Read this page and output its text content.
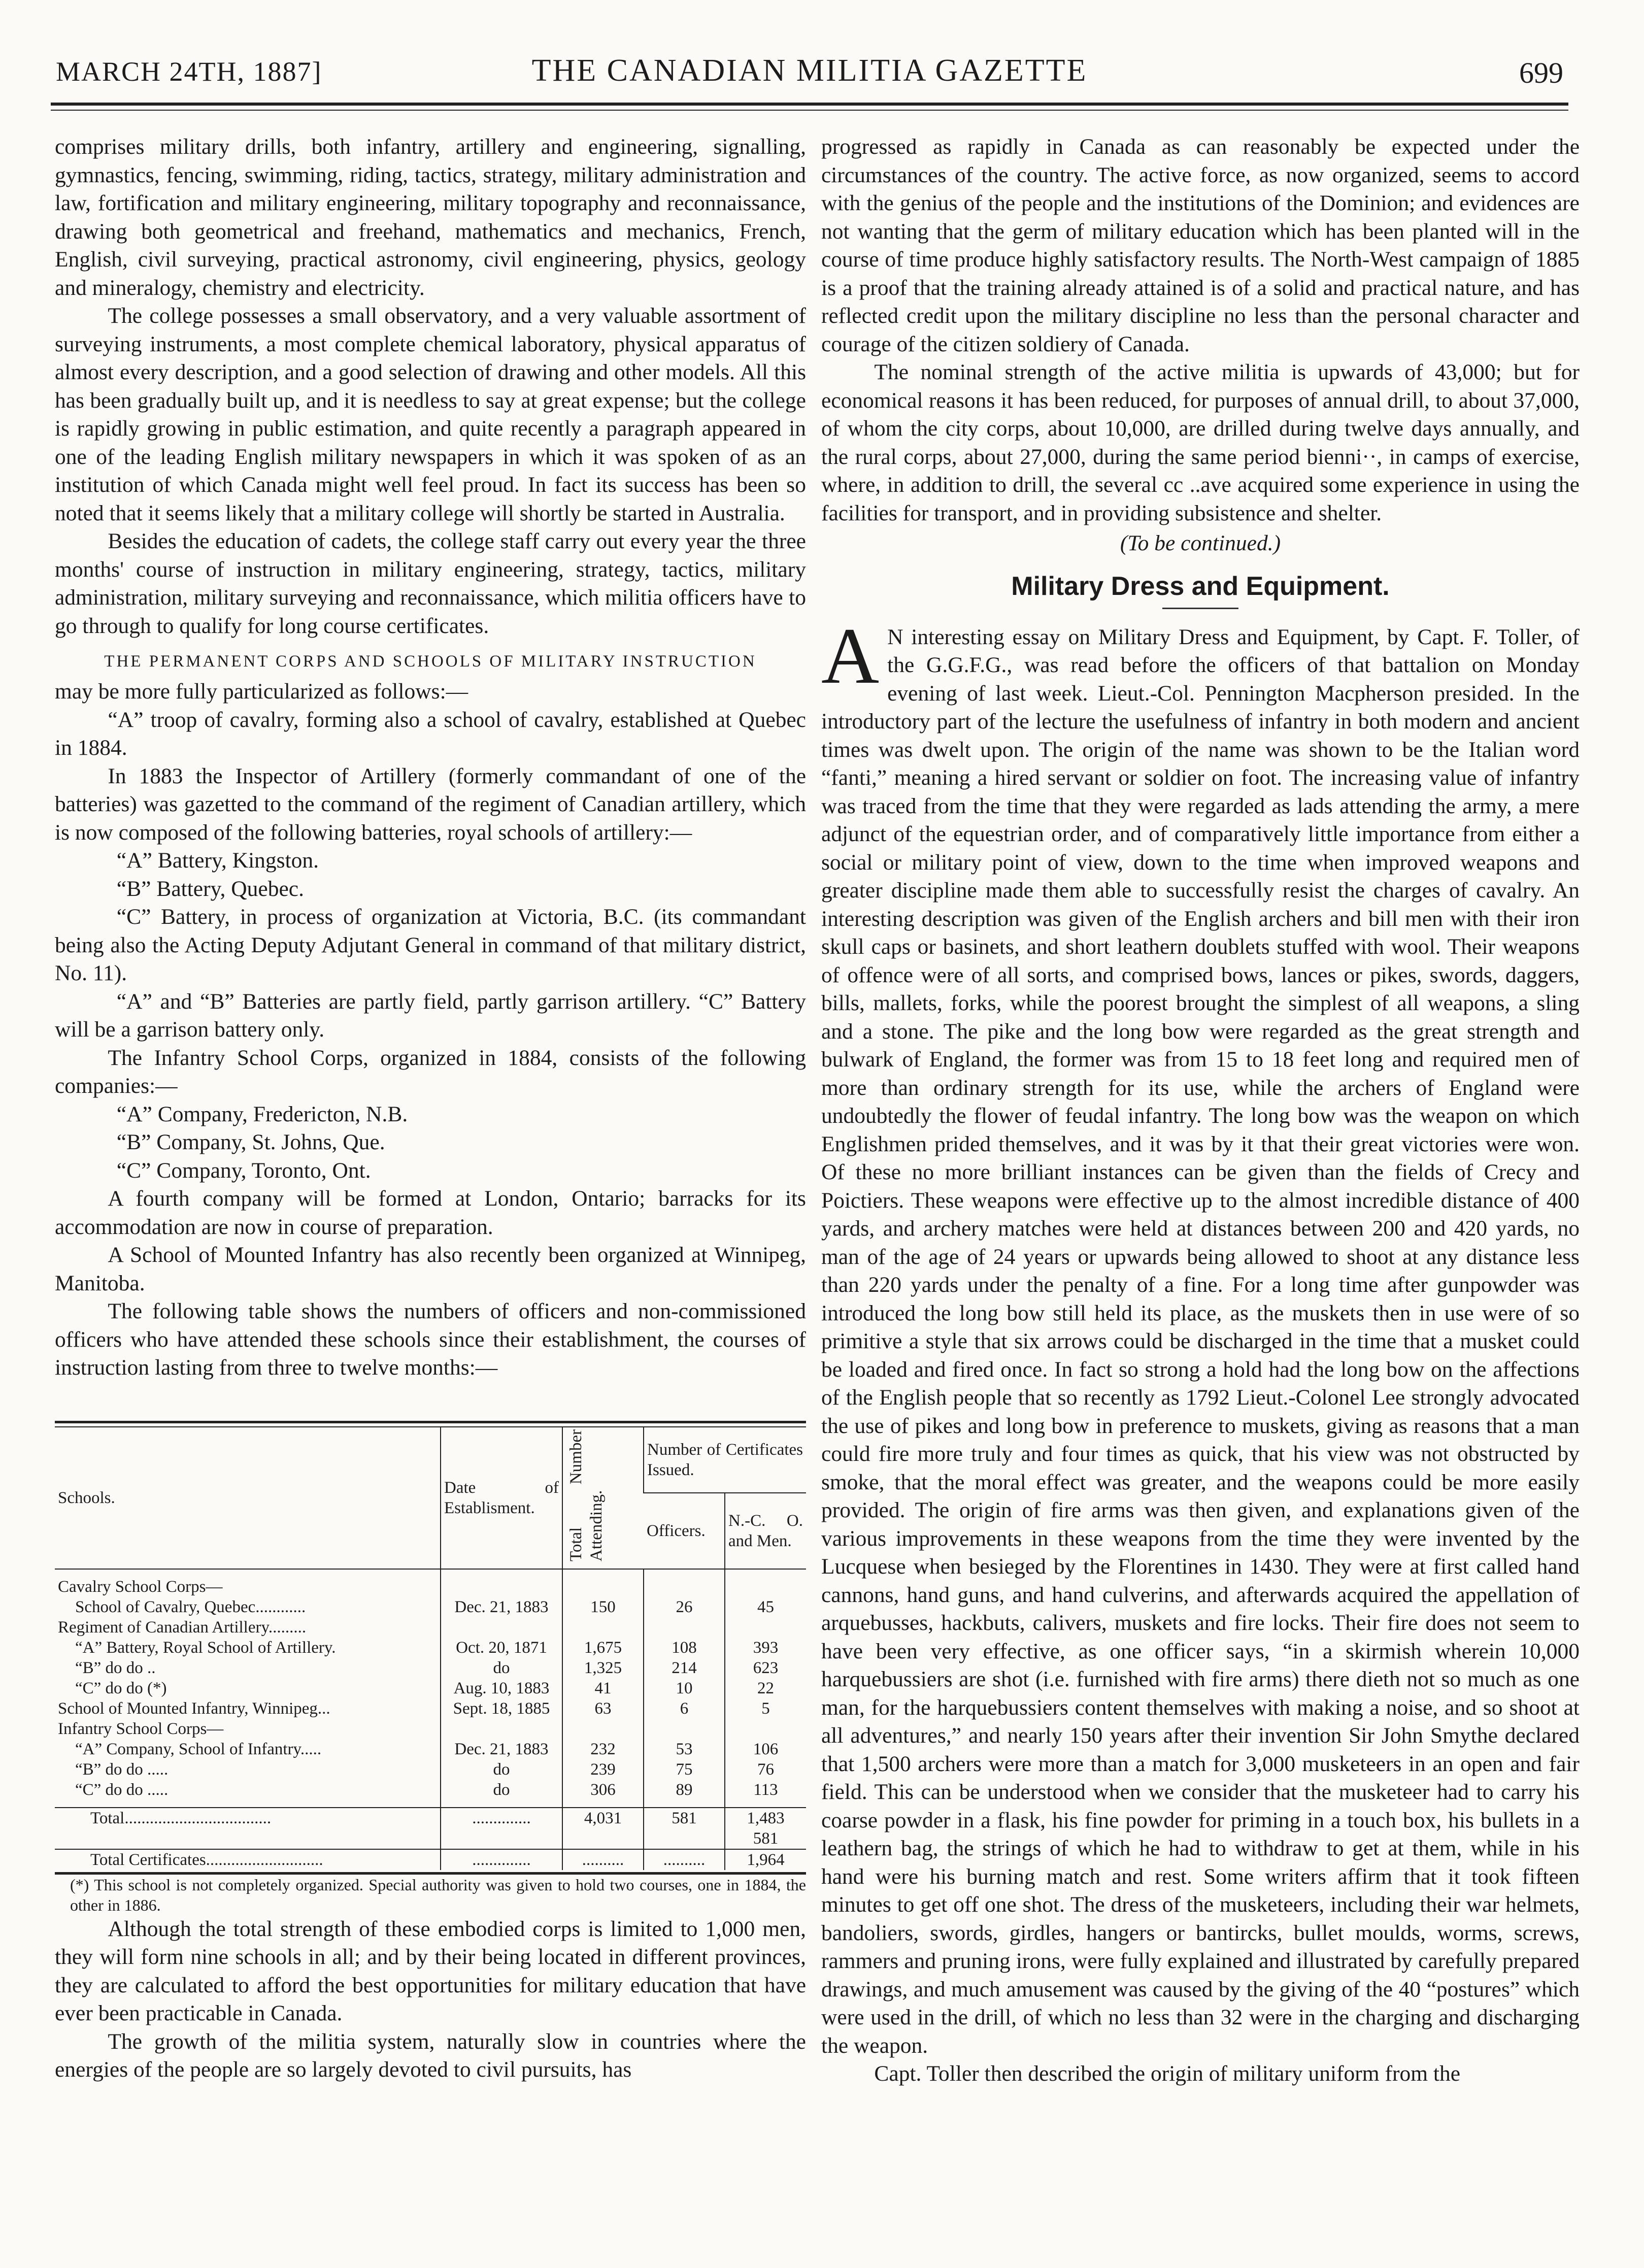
MARCH 24TH, 1887]	THE CANADIAN MILITIA GAZETTE	699

comprises military drills, both infantry, artillery and engineering, signalling, gymnastics, fencing, swimming, riding, tactics, strategy, military administration and law, fortification and military engineering, military topography and reconnaissance, drawing both geometrical and freehand, mathematics and mechanics, French, English, civil surveying, practical astronomy, civil engineering, physics, geology and mineralogy, chemistry and electricity.

The college possesses a small observatory, and a very valuable assortment of surveying instruments, a most complete chemical laboratory, physical apparatus of almost every description, and a good selection of drawing and other models. All this has been gradually built up, and it is needless to say at great expense; but the college is rapidly growing in public estimation, and quite recently a paragraph appeared in one of the leading English military newspapers in which it was spoken of as an institution of which Canada might well feel proud. In fact its success has been so noted that it seems likely that a military college will shortly be started in Australia.

Besides the education of cadets, the college staff carry out every year the three months' course of instruction in military engineering, strategy, tactics, military administration, military surveying and reconnaissance, which militia officers have to go through to qualify for long course certificates.

THE PERMANENT CORPS AND SCHOOLS OF MILITARY INSTRUCTION

may be more fully particularized as follows:—

“A” troop of cavalry, forming also a school of cavalry, established at Quebec in 1884.

In 1883 the Inspector of Artillery (formerly commandant of one of the batteries) was gazetted to the command of the regiment of Canadian artillery, which is now composed of the following batteries, royal schools of artillery:—

“A” Battery, Kingston.

“B” Battery, Quebec.

“C” Battery, in process of organization at Victoria, B.C. (its commandant being also the Acting Deputy Adjutant General in command of that military district, No. 11).

“A” and “B” Batteries are partly field, partly garrison artillery. “C” Battery will be a garrison battery only.

The Infantry School Corps, organized in 1884, consists of the following companies:—

“A” Company, Fredericton, N.B.

“B” Company, St. Johns, Que.

“C” Company, Toronto, Ont.

A fourth company will be formed at London, Ontario; barracks for its accommodation are now in course of preparation.

A School of Mounted Infantry has also recently been organized at Winnipeg, Manitoba.

The following table shows the numbers of officers and non-commissioned officers who have attended these schools since their establishment, the courses of instruction lasting from three to twelve months:—

Schools.	Date of Establisment.	Total Number Attending.	Number of Certificates Issued.	
			Officers.	N.-C. O. and Men.
Cavalry School Corps—				
School of Cavalry, Quebec............	Dec. 21, 1883	150	26	45
Regiment of Canadian Artillery.........				
“A” Battery, Royal School of Artillery.	Oct. 20, 1871	1,675	108	393
“B” do do ..	do	1,325	214	623
“C” do do (*)	Aug. 10, 1883	41	10	22
School of Mounted Infantry, Winnipeg...	Sept. 18, 1885	63	6	5
Infantry School Corps—				
“A” Company, School of Infantry.....	Dec. 21, 1883	232	53	106
“B” do do .....	do	239	75	76
“C” do do .....	do	306	89	113
Total...................................	..............	4,031	581	1,483
581

Total Certificates............................	..............	..........	..........	1,964

(*) This school is not completely organized. Special authority was given to hold two courses, one in 1884, the other in 1886.

Although the total strength of these embodied corps is limited to 1,000 men, they will form nine schools in all; and by their being located in different provinces, they are calculated to afford the best opportunities for military education that have ever been practicable in Canada.

The growth of the militia system, naturally slow in countries where the energies of the people are so largely devoted to civil pursuits, has

progressed as rapidly in Canada as can reasonably be expected under the circumstances of the country. The active force, as now organized, seems to accord with the genius of the people and the institutions of the Dominion; and evidences are not wanting that the germ of military education which has been planted will in the course of time produce highly satisfactory results. The North-West campaign of 1885 is a proof that the training already attained is of a solid and practical nature, and has reflected credit upon the military discipline no less than the personal character and courage of the citizen soldiery of Canada.

The nominal strength of the active militia is upwards of 43,000; but for economical reasons it has been reduced, for purposes of annual drill, to about 37,000, of whom the city corps, about 10,000, are drilled during twelve days annually, and the rural corps, about 27,000, during the same period bienni··, in camps of exercise, where, in addition to drill, the several cc ..ave acquired some experience in using the facilities for transport, and in providing subsistence and shelter.

(To be continued.)
Military Dress and Equipment.

A N interesting essay on Military Dress and Equipment, by Capt. F. Toller, of the G.G.F.G., was read before the officers of that battalion on Monday evening of last week. Lieut.-Col. Pennington Macpherson presided. In the introductory part of the lecture the usefulness of infantry in both modern and ancient times was dwelt upon. The origin of the name was shown to be the Italian word “fanti,” meaning a hired servant or soldier on foot. The increasing value of infantry was traced from the time that they were regarded as lads attending the army, a mere adjunct of the equestrian order, and of comparatively little importance from either a social or military point of view, down to the time when improved weapons and greater discipline made them able to successfully resist the charges of cavalry. An interesting description was given of the English archers and bill men with their iron skull caps or basinets, and short leathern doublets stuffed with wool. Their weapons of offence were of all sorts, and comprised bows, lances or pikes, swords, daggers, bills, mallets, forks, while the poorest brought the simplest of all weapons, a sling and a stone. The pike and the long bow were regarded as the great strength and bulwark of England, the former was from 15 to 18 feet long and required men of more than ordinary strength for its use, while the archers of England were undoubtedly the flower of feudal infantry. The long bow was the weapon on which Englishmen prided themselves, and it was by it that their great victories were won. Of these no more brilliant instances can be given than the fields of Crecy and Poictiers. These weapons were effective up to the almost incredible distance of 400 yards, and archery matches were held at distances between 200 and 420 yards, no man of the age of 24 years or upwards being allowed to shoot at any distance less than 220 yards under the penalty of a fine. For a long time after gunpowder was introduced the long bow still held its place, as the muskets then in use were of so primitive a style that six arrows could be discharged in the time that a musket could be loaded and fired once. In fact so strong a hold had the long bow on the affections of the English people that so recently as 1792 Lieut.-Colonel Lee strongly advocated the use of pikes and long bow in preference to muskets, giving as reasons that a man could fire more truly and four times as quick, that his view was not obstructed by smoke, that the moral effect was greater, and the weapons could be more easily provided. The origin of fire arms was then given, and explanations given of the various improvements in these weapons from the time they were invented by the Lucquese when besieged by the Florentines in 1430. They were at first called hand cannons, hand guns, and hand culverins, and afterwards acquired the appellation of arquebusses, hackbuts, calivers, muskets and fire locks. Their fire does not seem to have been very effective, as one officer says, “in a skirmish wherein 10,000 harquebussiers are shot (i.e. furnished with fire arms) there dieth not so much as one man, for the harquebussiers content themselves with making a noise, and so shoot at all adventures,” and nearly 150 years after their invention Sir John Smythe declared that 1,500 archers were more than a match for 3,000 musketeers in an open and fair field. This can be understood when we consider that the musketeer had to carry his coarse powder in a flask, his fine powder for priming in a touch box, his bullets in a leathern bag, the strings of which he had to withdraw to get at them, while in his hand were his burning match and rest. Some writers affirm that it took fifteen minutes to get off one shot. The dress of the musketeers, including their war helmets, bandoliers, swords, girdles, hangers or bantircks, bullet moulds, worms, screws, rammers and pruning irons, were fully explained and illustrated by carefully prepared drawings, and much amusement was caused by the giving of the 40 “postures” which were used in the drill, of which no less than 32 were in the charging and discharging the weapon.

Capt. Toller then described the origin of military uniform from the
